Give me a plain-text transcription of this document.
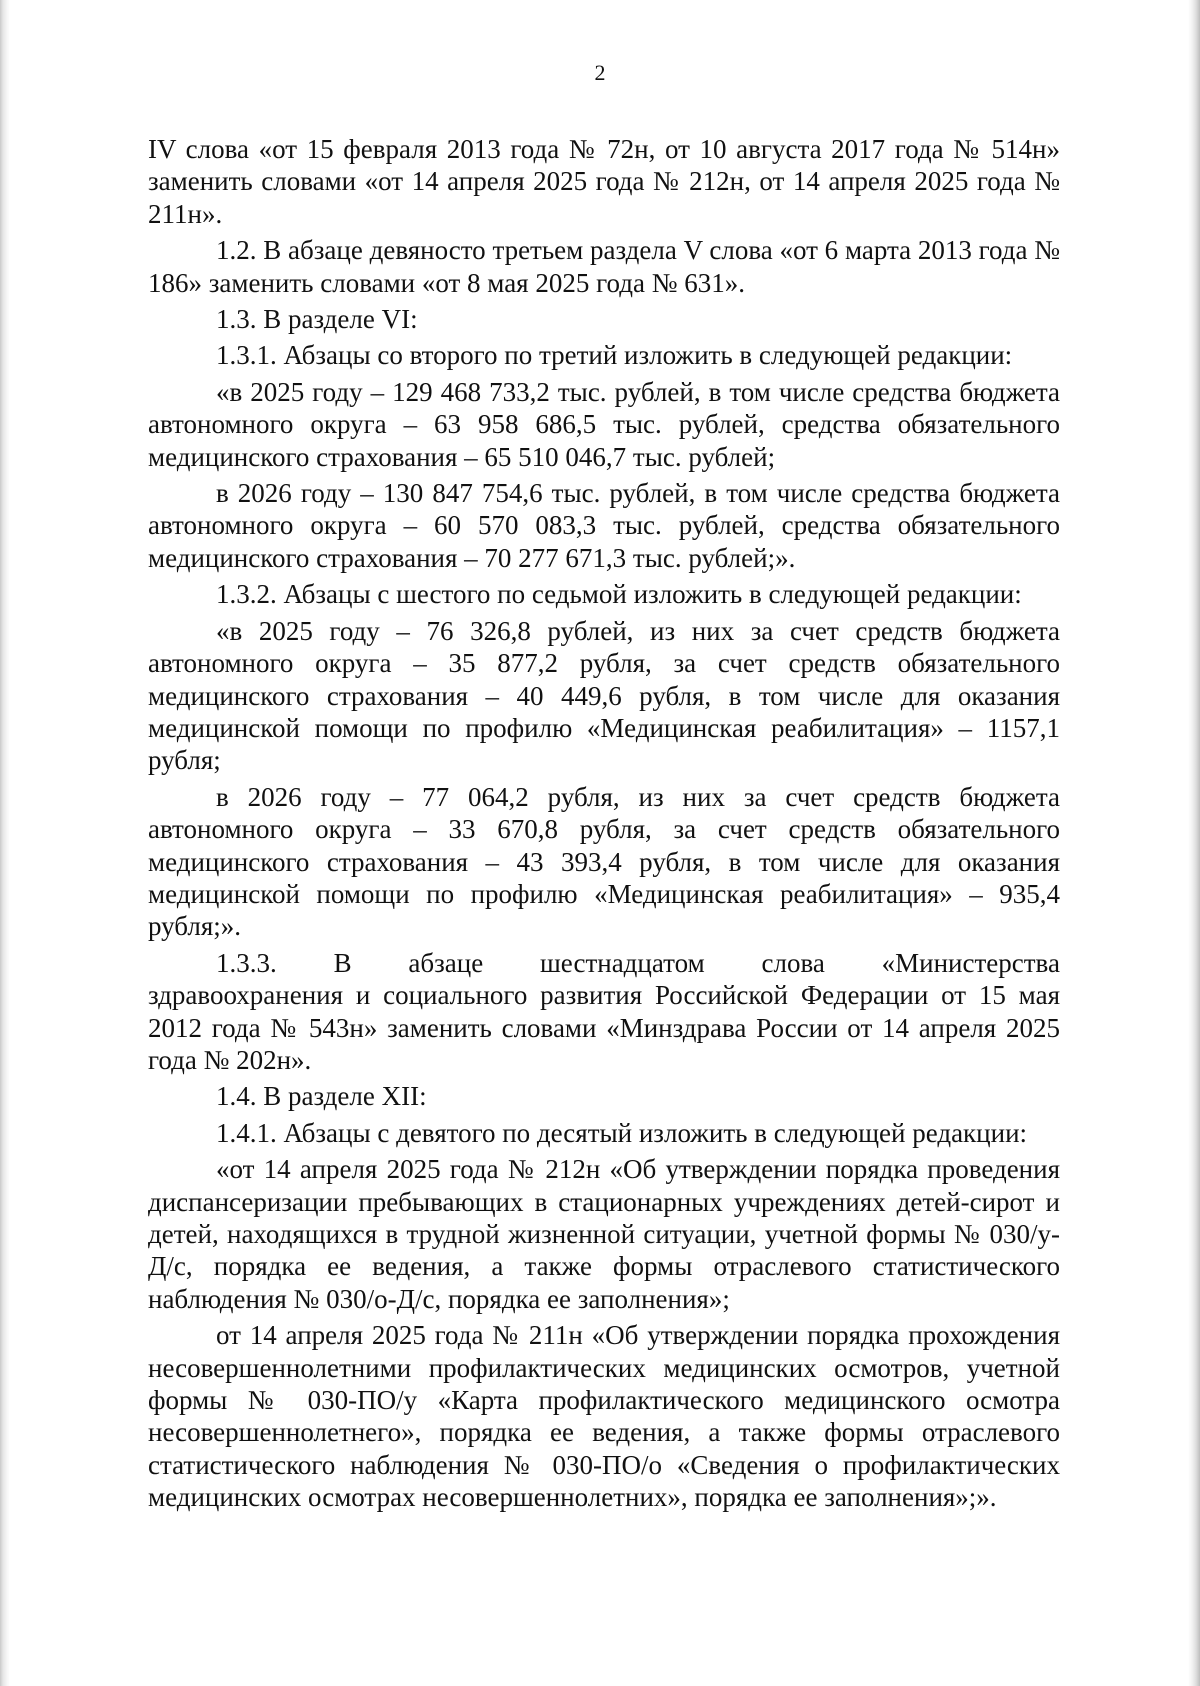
2

IV слова «от 15 февраля 2013 года № 72н, от 10 августа 2017 года № 514н» заменить словами «от 14 апреля 2025 года № 212н, от 14 апреля 2025 года № 211н».

1.2. В абзаце девяносто третьем раздела V слова «от 6 марта 2013 года № 186» заменить словами «от 8 мая 2025 года № 631».

1.3. В разделе VI:

1.3.1. Абзацы со второго по третий изложить в следующей редакции:

«в 2025 году – 129 468 733,2 тыс. рублей, в том числе средства бюджета автономного округа – 63 958 686,5 тыс. рублей, средства обязательного медицинского страхования – 65 510 046,7 тыс. рублей;

в 2026 году – 130 847 754,6 тыс. рублей, в том числе средства бюджета автономного округа – 60 570 083,3 тыс. рублей, средства обязательного медицинского страхования – 70 277 671,3 тыс. рублей;».

1.3.2. Абзацы с шестого по седьмой изложить в следующей редакции:

«в 2025 году – 76 326,8 рублей, из них за счет средств бюджета автономного округа – 35 877,2 рубля, за счет средств обязательного медицинского страхования – 40 449,6 рубля, в том числе для оказания медицинской помощи по профилю «Медицинская реабилитация» – 1157,1 рубля;

в 2026 году – 77 064,2 рубля, из них за счет средств бюджета автономного округа – 33 670,8 рубля, за счет средств обязательного медицинского страхования – 43 393,4 рубля, в том числе для оказания медицинской помощи по профилю «Медицинская реабилитация» – 935,4 рубля;».

1.3.3. В абзаце шестнадцатом слова «Министерства

здравоохранения и социального развития Российской Федерации от 15 мая 2012 года № 543н» заменить словами «Минздрава России от 14 апреля 2025 года № 202н».

1.4. В разделе XII:

1.4.1. Абзацы с девятого по десятый изложить в следующей редакции:

«от 14 апреля 2025 года № 212н «Об утверждении порядка проведения диспансеризации пребывающих в стационарных учреждениях детей-сирот и детей, находящихся в трудной жизненной ситуации, учетной формы № 030/у-Д/с, порядка ее ведения, а также формы отраслевого статистического наблюдения № 030/о-Д/с, порядка ее заполнения»;

от 14 апреля 2025 года № 211н «Об утверждении порядка прохождения несовершеннолетними профилактических медицинских осмотров, учетной формы № 030-ПО/у «Карта профилактического медицинского осмотра несовершеннолетнего», порядка ее ведения, а также формы отраслевого статистического наблюдения № 030-ПО/о «Сведения о профилактических медицинских осмотрах несовершеннолетних», порядка ее заполнения»;».
